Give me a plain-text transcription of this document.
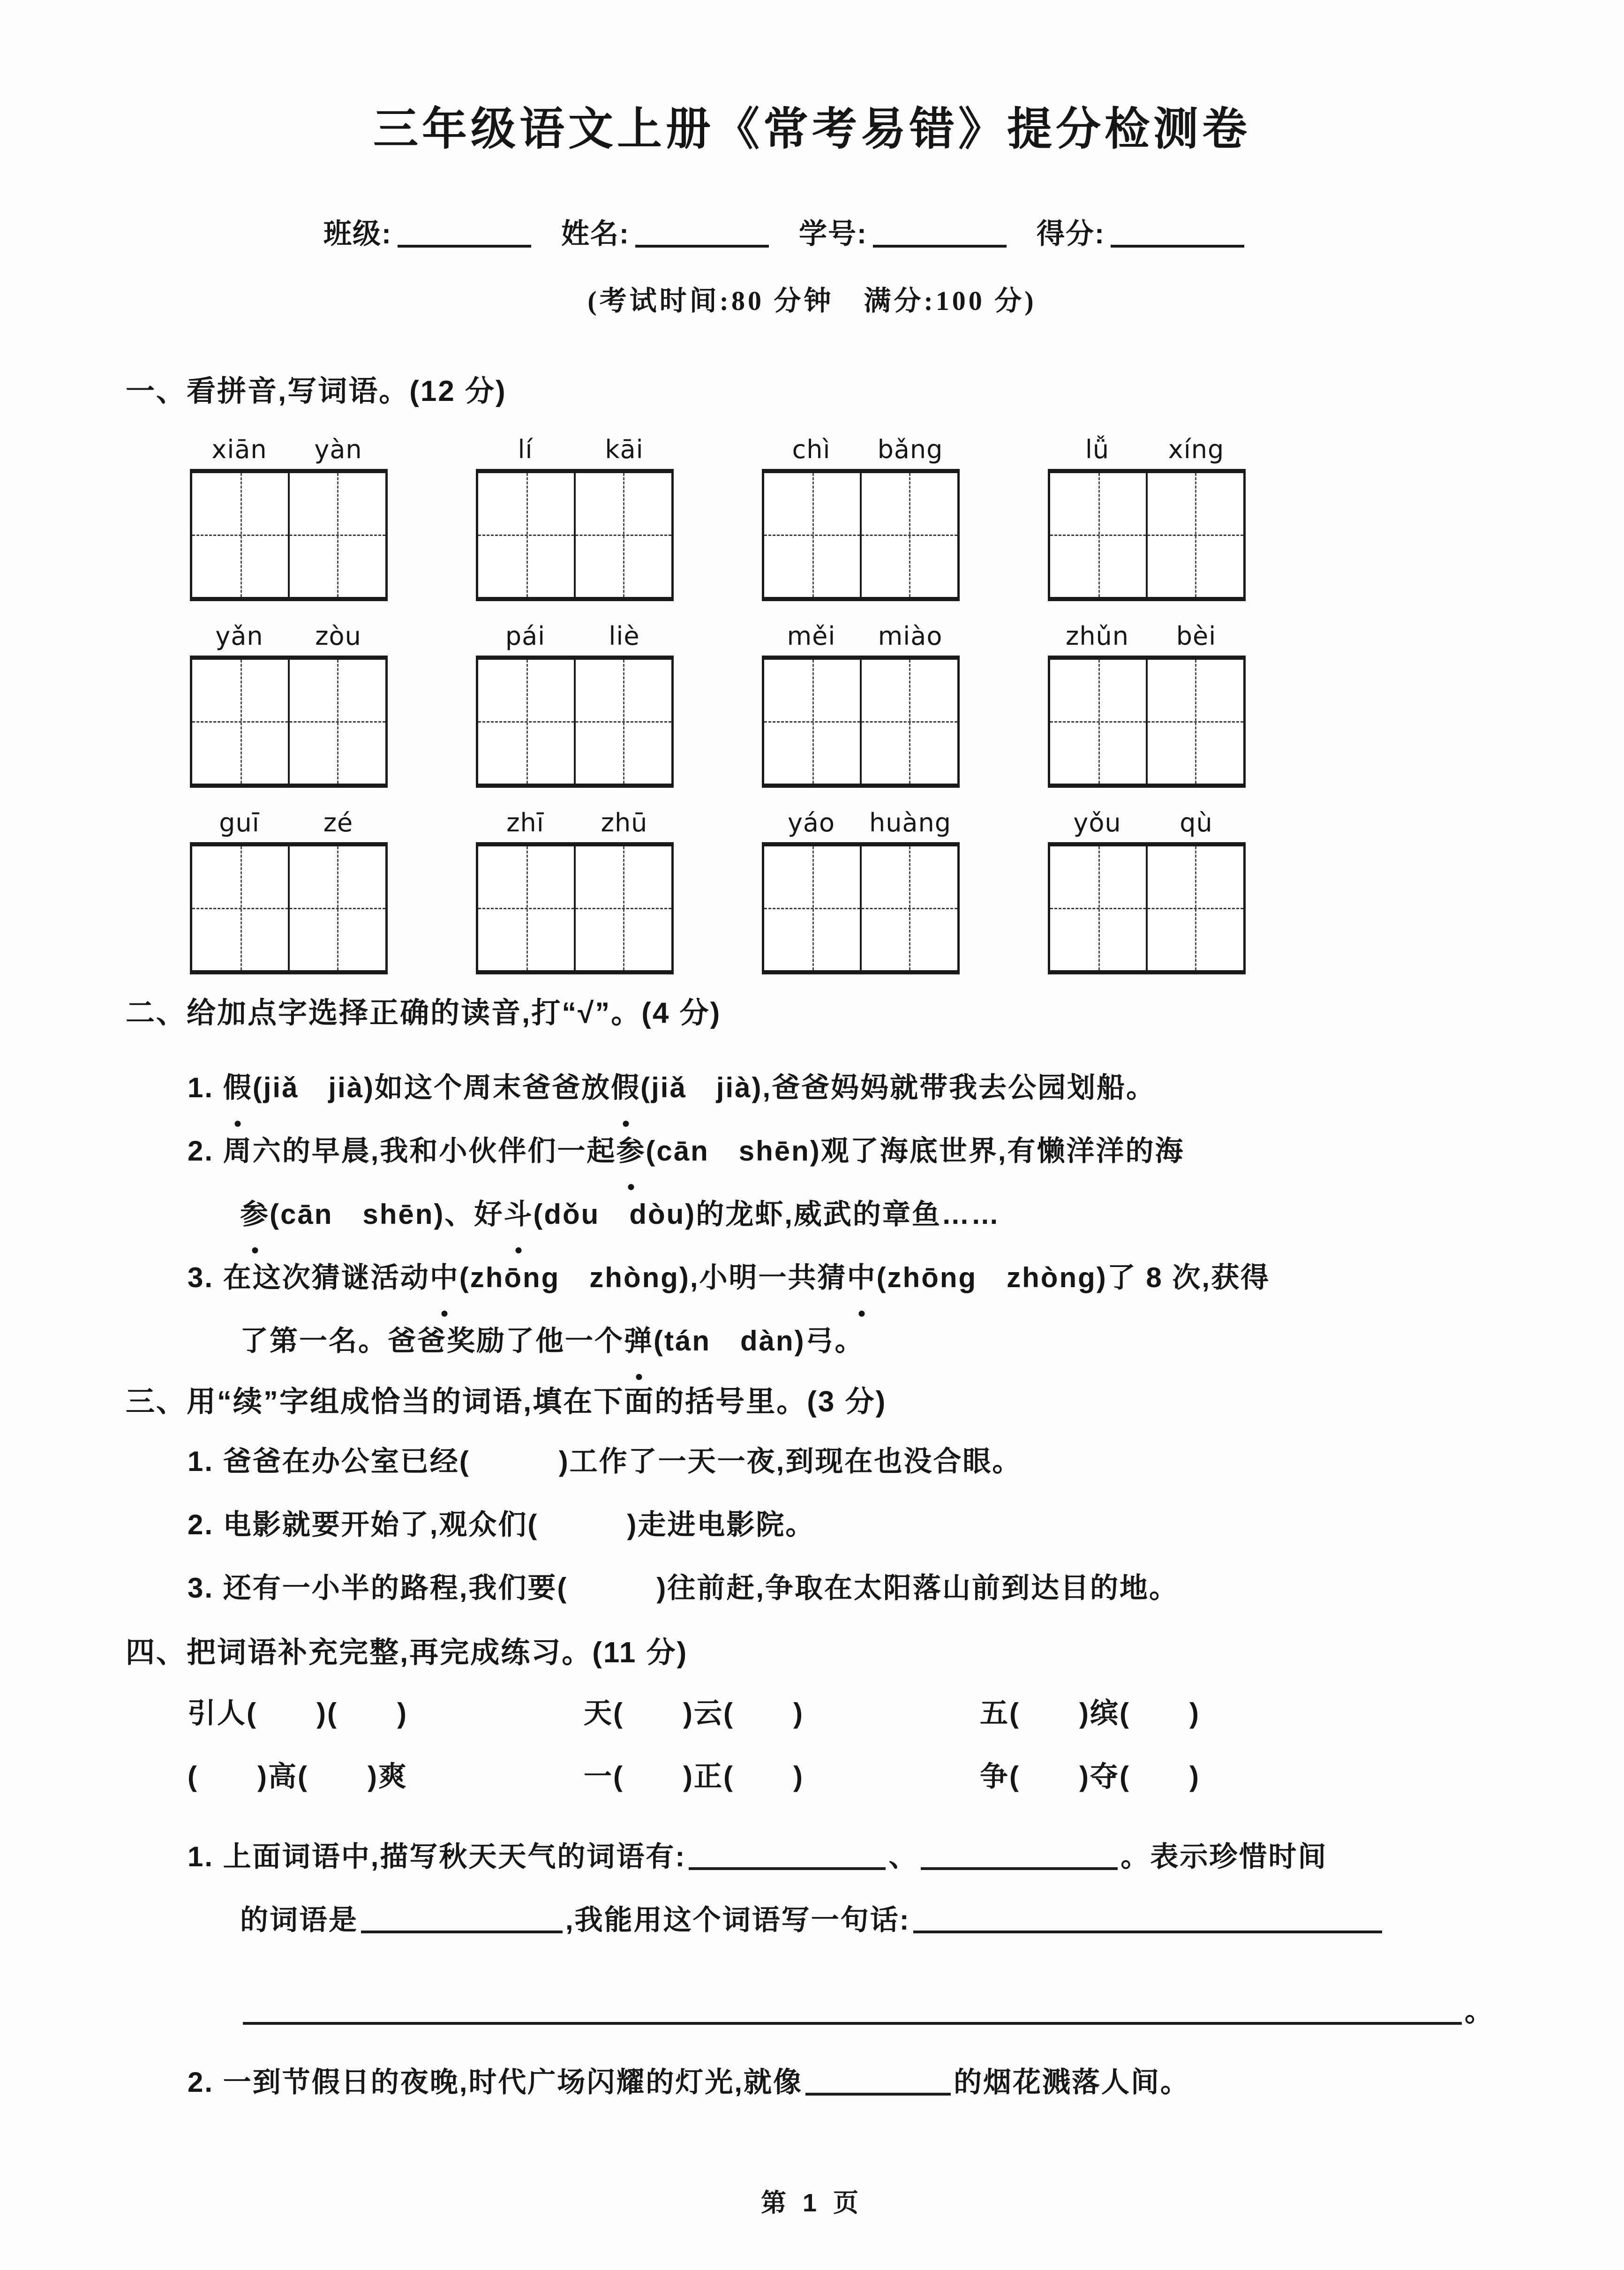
三年级语文上册《常考易错》提分检测卷
班级:	姓名:	学号:	得分:
(考试时间:80 分钟　满分:100 分)
一、看拼音,写词语。(12 分)
xiān	yàn	lí	kāi	chì	bǎng	lǚ	xíng
yǎn	zòu	pái	liè	měi	miào	zhǔn	bèi
guī	zé	zhī	zhū	yáo	huàng	yǒu	qù
二、给加点字选择正确的读音,打“√”。(4 分)
1. 假(jiǎ　jià)如这个周末爸爸放假(jiǎ　jià),爸爸妈妈就带我去公园划船。
2. 周六的早晨,我和小伙伴们一起参(cān　shēn)观了海底世界,有懒洋洋的海
参(cān　shēn)、好斗(dǒu　dòu)的龙虾,威武的章鱼……
3. 在这次猜谜活动中(zhōng　zhòng),小明一共猜中(zhōng　zhòng)了 8 次,获得
了第一名。爸爸奖励了他一个弹(tán　dàn)弓。
三、用“续”字组成恰当的词语,填在下面的括号里。(3 分)
1. 爸爸在办公室已经(　　　)工作了一天一夜,到现在也没合眼。
2. 电影就要开始了,观众们(　　　)走进电影院。
3. 还有一小半的路程,我们要(　　　)往前赶,争取在太阳落山前到达目的地。
四、把词语补充完整,再完成练习。(11 分)
引人(　　)(　　)	天(　　)云(　　)	五(　　)缤(　　)
(　　)高(　　)爽	一(　　)正(　　)	争(　　)夺(　　)
1. 上面词语中,描写秋天天气的词语有:	、	。表示珍惜时间
的词语是	,我能用这个词语写一句话:
。
2. 一到节假日的夜晚,时代广场闪耀的灯光,就像	的烟花溅落人间。
第 1 页
